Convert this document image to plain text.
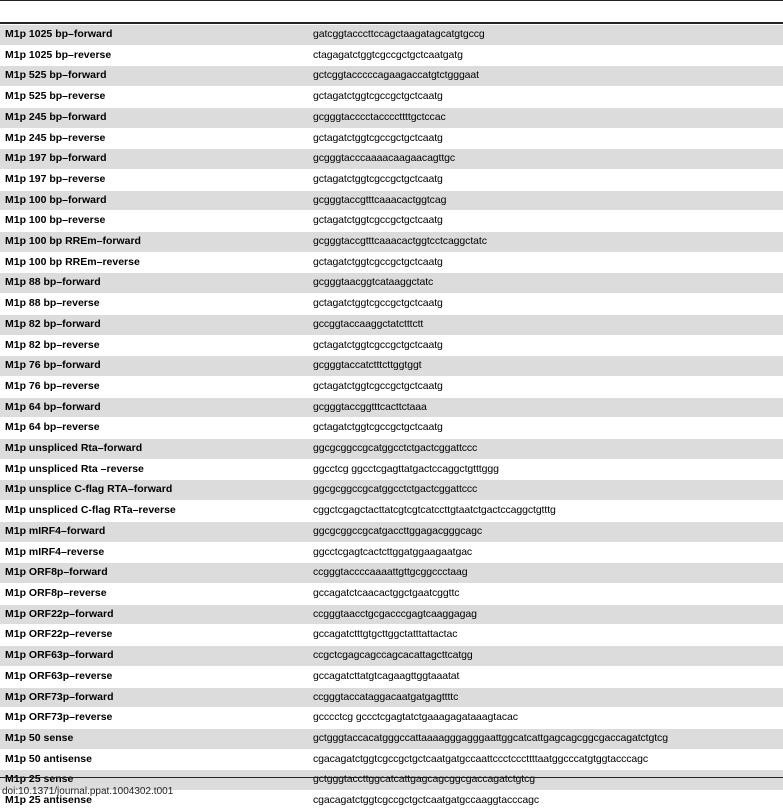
M1p 1025 bp–forward	gatcggtacccttccagctaagatagcatgtgccg
M1p 1025 bp–reverse	ctagagatctggtcgccgctgctcaatgatg
M1p 525 bp–forward	gctcggtacccccagaagaccatgtctgggaat
M1p 525 bp–reverse	gctagatctggtcgccgctgctcaatg
M1p 245 bp–forward	gcgggtacccctaccccttttgctccac
M1p 245 bp–reverse	gctagatctggtcgccgctgctcaatg
M1p 197 bp–forward	gcgggtacccaaaacaagaacagttgc
M1p 197 bp–reverse	gctagatctggtcgccgctgctcaatg
M1p 100 bp–forward	gcgggtaccgtttcaaacactggtcag
M1p 100 bp–reverse	gctagatctggtcgccgctgctcaatg
M1p 100 bp RREm–forward	gcgggtaccgtttcaaacactggtcctcaggctatc
M1p 100 bp RREm–reverse	gctagatctggtcgccgctgctcaatg
M1p 88 bp–forward	gcgggtaacggtcataaggctatc
M1p 88 bp–reverse	gctagatctggtcgccgctgctcaatg
M1p 82 bp–forward	gccggtaccaaggctatctttctt
M1p 82 bp–reverse	gctagatctggtcgccgctgctcaatg
M1p 76 bp–forward	gcgggtaccatctttcttggtggt
M1p 76 bp–reverse	gctagatctggtcgccgctgctcaatg
M1p 64 bp–forward	gcgggtaccggtttcacttctaaa
M1p 64 bp–reverse	gctagatctggtcgccgctgctcaatg
M1p unspliced Rta–forward	ggcgcggccgcatggcctctgactcggattccc
M1p unspliced Rta –reverse	ggcctcg ggcctcgagttatgactccaggctgtttggg
M1p unsplice C-flag RTA–forward	ggcgcggccgcatggcctctgactcggattccc
M1p unspliced C-flag RTa–reverse	cggctcgagctacttatcgtcgtcatccttgtaatctgactccaggctgtttg
M1p mIRF4–forward	ggcgcggccgcatgaccttggagacgggcagc
M1p mIRF4–reverse	ggcctcgagtcactcttggatggaagaatgac
M1p ORF8p–forward	ccgggtaccccaaaattgttgcggccctaag
M1p ORF8p–reverse	gccagatctcaacactggctgaatcggttc
M1p ORF22p–forward	ccgggtaacctgcgacccgagtcaaggagag
M1p ORF22p–reverse	gccagatctttgtgcttggctatttattactac
M1p ORF63p–forward	ccgctcgagcagccagcacattagcttcatgg
M1p ORF63p–reverse	gccagatcttatgtcagaagttggtaaatat
M1p ORF73p–forward	ccgggtaccataggacaatgatgagttttc
M1p ORF73p–reverse	gcccctcg gccctcgagtatctgaaagagataaagtacac
M1p 50 sense	gctgggtaccacatgggccattaaaagggagggaattggcatcattgagcagcggcgaccagatctgtcg
M1p 50 antisense	cgacagatctggtcgccgctgctcaatgatgccaattccctcccttttaatggcccatgtggtacccagc
M1p 25 sense	gctgggtaccttggcatcattgagcagcggcgaccagatctgtcg
M1p 25 antisense	cgacagatctggtcgccgctgctcaatgatgccaaggtacccagc
doi:10.1371/journal.ppat.1004302.t001
